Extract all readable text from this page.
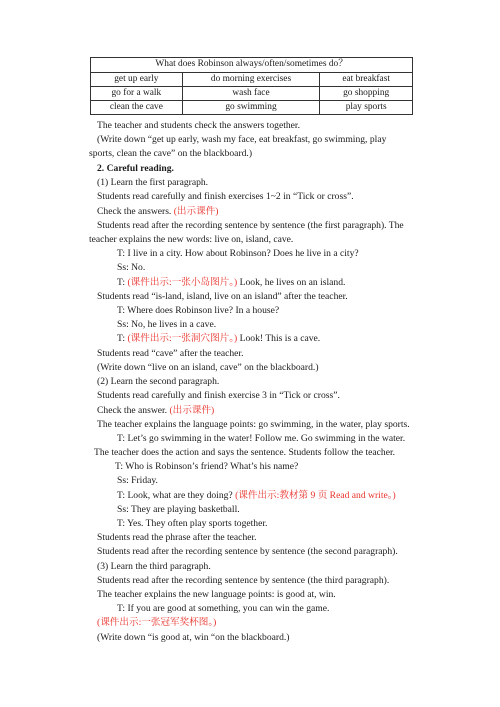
What does Robinson always/often/sometimes do？		
get up early	do morning exercises	eat breakfast
go for a walk	wash face	go shopping
clean the cave	go swimming	play sports
The teacher and students check the answers together.
(Write down “get up early, wash my face, eat breakfast, go swimming, play
sports, clean the cave” on the blackboard.)
2. Careful reading.
(1) Learn the first paragraph.
Students read carefully and finish exercises 1~2 in “Tick or cross”.
Check the answers. (出示课件)
Students read after the recording sentence by sentence (the first paragraph). The
teacher explains the new words: live on, island, cave.
T: I live in a city. How about Robinson? Does he live in a city?
Ss: No.
T: (课件出示:一张小岛图片。) Look, he lives on an island.
Students read “is-land, island, live on an island” after the teacher.
T: Where does Robinson live? In a house?
Ss: No, he lives in a cave.
T: (课件出示:一张洞穴图片。) Look! This is a cave.
Students read “cave” after the teacher.
(Write down “live on an island, cave” on the blackboard.)
(2) Learn the second paragraph.
Students read carefully and finish exercise 3 in “Tick or cross”.
Check the answer. (出示课件)
The teacher explains the language points: go swimming, in the water, play sports.
T: Let’s go swimming in the water! Follow me. Go swimming in the water.
The teacher does the action and says the sentence. Students follow the teacher.
T: Who is Robinson’s friend? What’s his name?
Ss: Friday.
T: Look, what are they doing? (课件出示:教材第 9 页 Read and write。)
Ss: They are playing basketball.
T: Yes. They often play sports together.
Students read the phrase after the teacher.
Students read after the recording sentence by sentence (the second paragraph).
(3) Learn the third paragraph.
Students read after the recording sentence by sentence (the third paragraph).
The teacher explains the new language points: is good at, win.
T: If you are good at something, you can win the game.
(课件出示:一张冠军奖杯图。)
(Write down “is good at, win “on the blackboard.)
